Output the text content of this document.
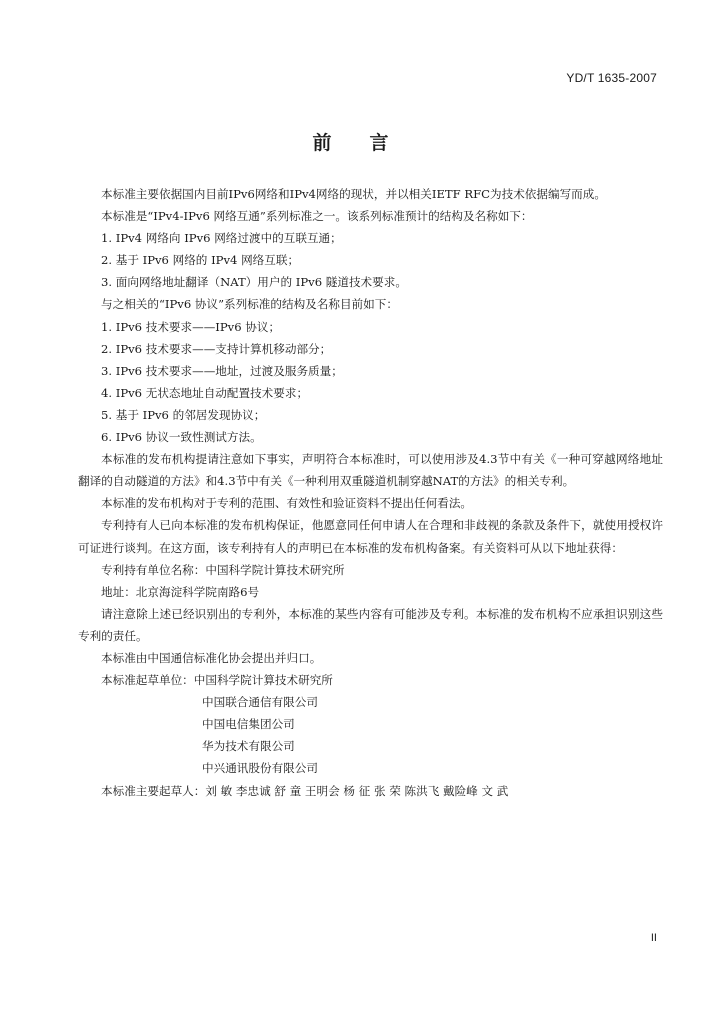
YD/T 1635-2007
前言

本标准主要依据国内目前IPv6网络和IPv4网络的现状，并以相关IETF RFC为技术依据编写而成。

本标准是“IPv4-IPv6 网络互通”系列标准之一。该系列标准预计的结构及名称如下：

1. IPv4 网络向 IPv6 网络过渡中的互联互通；

2. 基于 IPv6 网络的 IPv4 网络互联；

3. 面向网络地址翻译（NAT）用户的 IPv6 隧道技术要求。

与之相关的“IPv6 协议”系列标准的结构及名称目前如下：

1. IPv6 技术要求——IPv6 协议；

2. IPv6 技术要求——支持计算机移动部分；

3. IPv6 技术要求——地址，过渡及服务质量；

4. IPv6 无状态地址自动配置技术要求；

5. 基于 IPv6 的邻居发现协议；

6. IPv6 协议一致性测试方法。

本标准的发布机构提请注意如下事实，声明符合本标准时，可以使用涉及4.3节中有关《一种可穿越网络地址翻译的自动隧道的方法》和4.3节中有关《一种利用双重隧道机制穿越NAT的方法》的相关专利。

本标准的发布机构对于专利的范围、有效性和验证资料不提出任何看法。

专利持有人已向本标准的发布机构保证，他愿意同任何申请人在合理和非歧视的条款及条件下，就使用授权许可证进行谈判。在这方面，该专利持有人的声明已在本标准的发布机构备案。有关资料可从以下地址获得：

专利持有单位名称：中国科学院计算技术研究所

地址：北京海淀科学院南路6号

请注意除上述已经识别出的专利外，本标准的某些内容有可能涉及专利。本标准的发布机构不应承担识别这些专利的责任。

本标准由中国通信标准化协会提出并归口。

本标准起草单位：中国科学院计算技术研究所

中国联合通信有限公司

中国电信集团公司

华为技术有限公司

中兴通讯股份有限公司

本标准主要起草人：刘 敏 李忠诚 舒 童 王明会 杨 征 张 荣 陈洪飞 戴险峰 文 武

II
